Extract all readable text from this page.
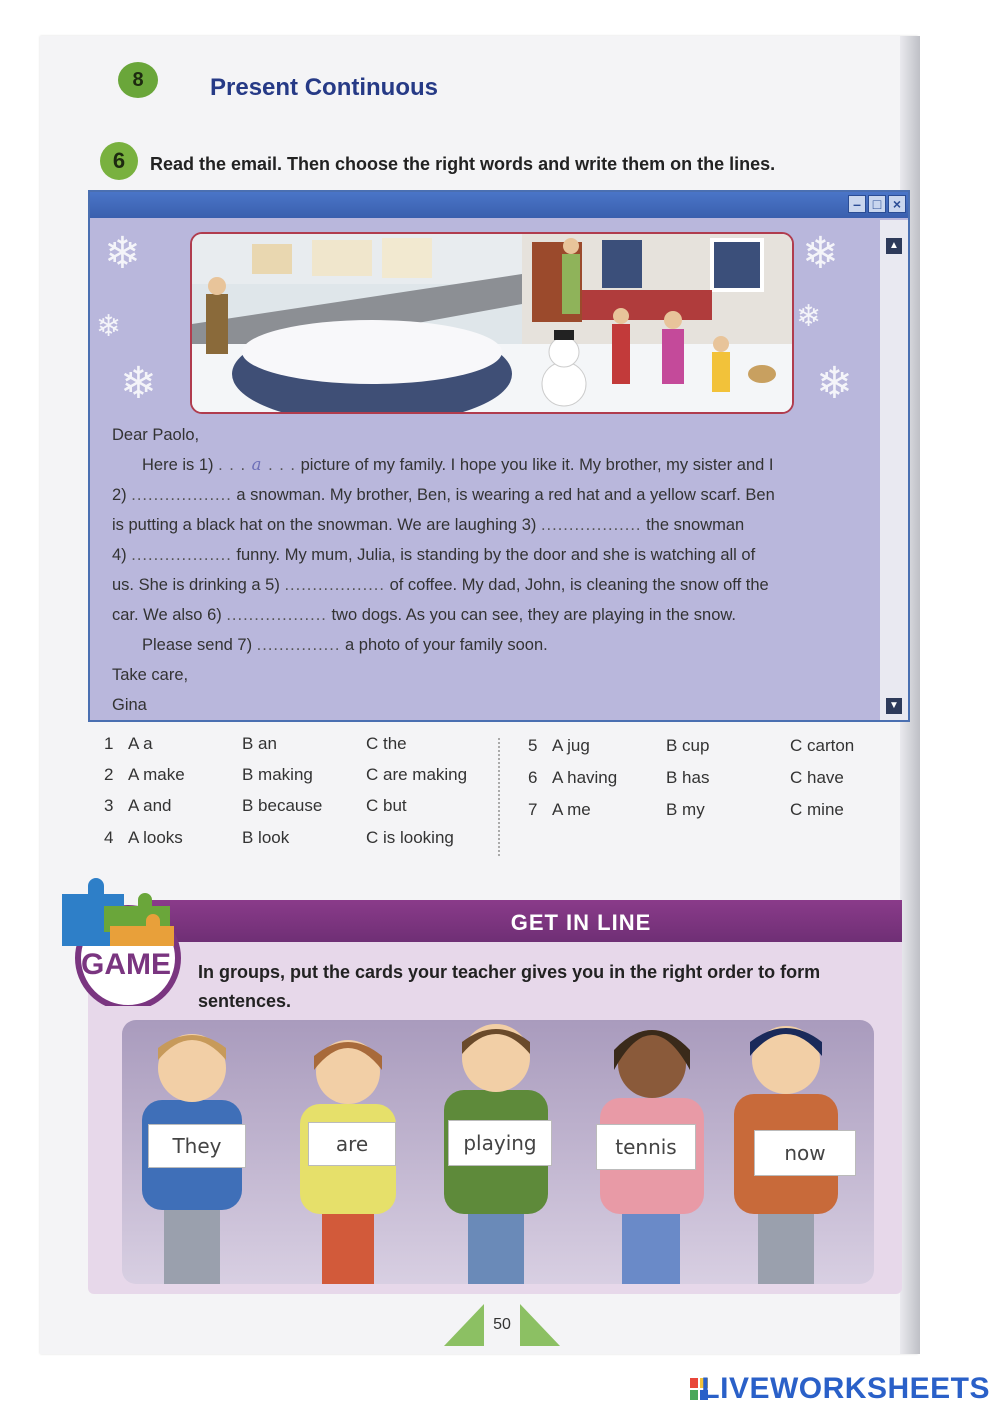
8	Present Continuous
6	Read the email. Then choose the right words and write them on the lines.
– □ ×
❄
❄
❄
❄
❄
❄

Dear Paolo,

Here is 1) . . . a . . . picture of my family. I hope you like it. My brother, my sister and I

2) .................. a snowman. My brother, Ben, is wearing a red hat and a yellow scarf. Ben

is putting a black hat on the snowman. We are laughing 3) .................. the snowman

4) .................. funny. My mum, Julia, is standing by the door and she is watching all of

us. She is drinking a 5) .................. of coffee. My dad, John, is cleaning the snow off the

car. We also 6) .................. two dogs. As you can see, they are playing in the snow.

Please send 7) ............... a photo of your family soon.

Take care,

Gina

▲
▼
1 A a	B an	C the
2 A make	B making	C are making
3 A and	B because	C but
4 A looks	B look	C is looking
5 A jug	B cup	C carton
6 A having	B has	C have
7 A me	B my	C mine
GET IN LINE
GAME In groups, put the cards your teacher gives you in the right order to form sentences.
They	are	playing	tennis	now
50
LIVEWORKSHEETS
